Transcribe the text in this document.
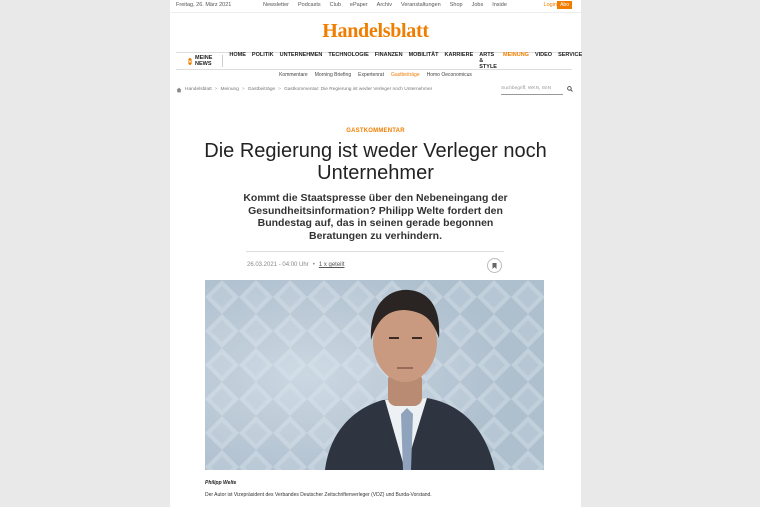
Freitag, 26. März 2021	Newsletter Podcasts Club ePaper Archiv Veranstaltungen Shop Jobs Inside	Login Abo
Handelsblatt
H MEINE NEWS
HOME POLITIK UNTERNEHMEN TECHNOLOGIE FINANZEN MOBILITÄT KARRIERE ARTS & STYLE
MEINUNG VIDEO SERVICE
Kommentare Morning Briefing Expertenrat Gastbeiträge Homo Oeconomicus
Handelsblatt > Meinung > Gastbeiträge > Gastkommentar: Die Regierung ist weder Verleger noch Unternehmer	Suchbegriff, WKN, ISIN
GASTKOMMENTAR
Die Regierung ist weder Verleger noch Unternehmer
Kommt die Staatspresse über den Nebeneingang der Gesundheitsinformation? Philipp Welte fordert den Bundestag auf, das in seinen gerade begonnen Beratungen zu verhindern.
26.03.2021 - 04:00 Uhr • 1 x geteilt
Philipp Welte
Der Autor ist Vizepräsident des Verbandes Deutscher Zeitschriftenverleger (VDZ) und Burda-Vorstand.
